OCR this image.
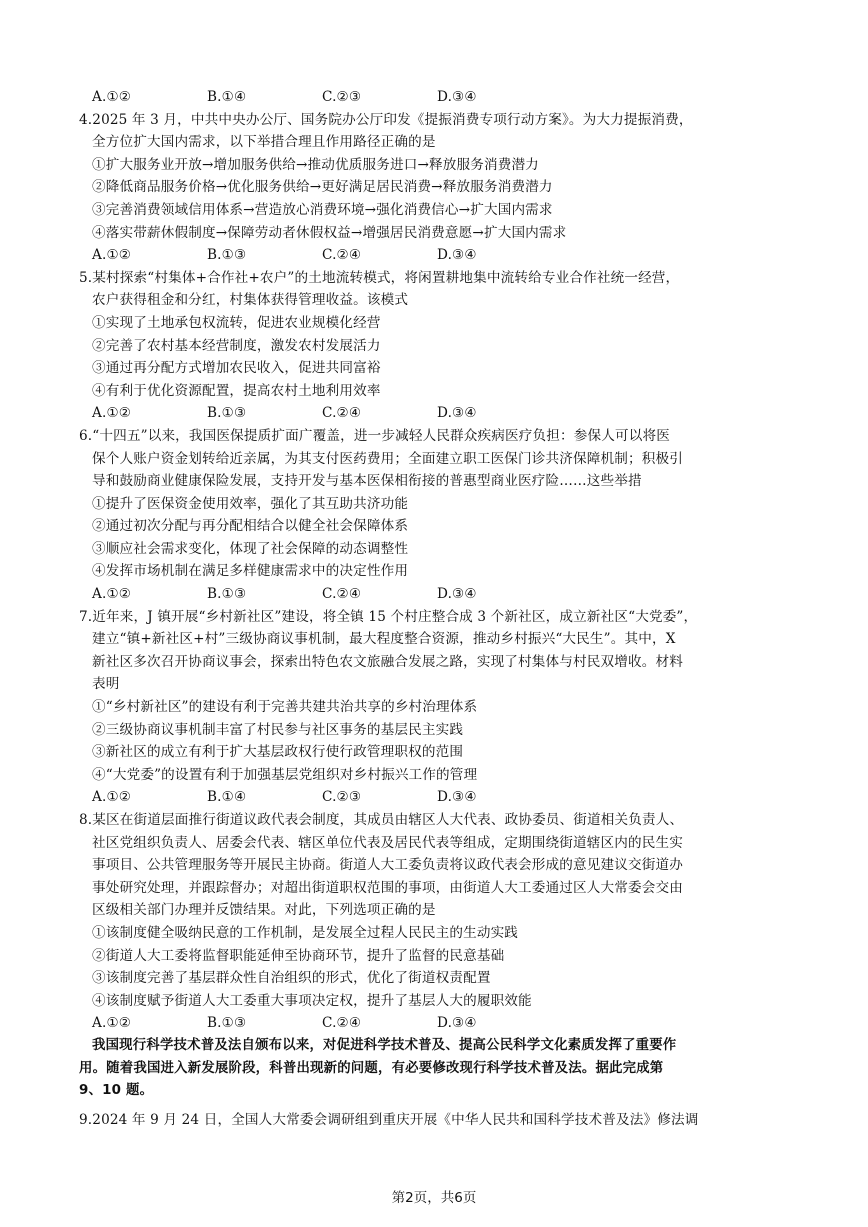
A.①②	B.①④	C.②③	D.③④
4.2025 年 3 月，中共中央办公厅、国务院办公厅印发《提振消费专项行动方案》。为大力提振消费，
全方位扩大国内需求，以下举措合理且作用路径正确的是
①扩大服务业开放→增加服务供给→推动优质服务进口→释放服务消费潜力
②降低商品服务价格→优化服务供给→更好满足居民消费→释放服务消费潜力
③完善消费领域信用体系→营造放心消费环境→强化消费信心→扩大国内需求
④落实带薪休假制度→保障劳动者休假权益→增强居民消费意愿→扩大国内需求
A.①②	B.①③	C.②④	D.③④
5.某村探索“村集体+合作社+农户”的土地流转模式，将闲置耕地集中流转给专业合作社统一经营，
农户获得租金和分红，村集体获得管理收益。该模式
①实现了土地承包权流转，促进农业规模化经营
②完善了农村基本经营制度，激发农村发展活力
③通过再分配方式增加农民收入，促进共同富裕
④有利于优化资源配置，提高农村土地利用效率
A.①②	B.①③	C.②④	D.③④
6.“十四五”以来，我国医保提质扩面广覆盖，进一步减轻人民群众疾病医疗负担：参保人可以将医
保个人账户资金划转给近亲属，为其支付医药费用；全面建立职工医保门诊共济保障机制；积极引
导和鼓励商业健康保险发展，支持开发与基本医保相衔接的普惠型商业医疗险……这些举措
①提升了医保资金使用效率，强化了其互助共济功能
②通过初次分配与再分配相结合以健全社会保障体系
③顺应社会需求变化，体现了社会保障的动态调整性
④发挥市场机制在满足多样健康需求中的决定性作用
A.①②	B.①③	C.②④	D.③④
7.近年来，J 镇开展“乡村新社区”建设，将全镇 15 个村庄整合成 3 个新社区，成立新社区“大党委”，
建立“镇+新社区+村”三级协商议事机制，最大程度整合资源，推动乡村振兴“大民生”。其中，X
新社区多次召开协商议事会，探索出特色农文旅融合发展之路，实现了村集体与村民双增收。材料
表明
①“乡村新社区”的建设有利于完善共建共治共享的乡村治理体系
②三级协商议事机制丰富了村民参与社区事务的基层民主实践
③新社区的成立有利于扩大基层政权行使行政管理职权的范围
④“大党委”的设置有利于加强基层党组织对乡村振兴工作的管理
A.①②	B.①④	C.②③	D.③④
8.某区在街道层面推行街道议政代表会制度，其成员由辖区人大代表、政协委员、街道相关负责人、
社区党组织负责人、居委会代表、辖区单位代表及居民代表等组成，定期围绕街道辖区内的民生实
事项目、公共管理服务等开展民主协商。街道人大工委负责将议政代表会形成的意见建议交街道办
事处研究处理，并跟踪督办；对超出街道职权范围的事项，由街道人大工委通过区人大常委会交由
区级相关部门办理并反馈结果。对此，下列选项正确的是
①该制度健全吸纳民意的工作机制，是发展全过程人民民主的生动实践
②街道人大工委将监督职能延伸至协商环节，提升了监督的民意基础
③该制度完善了基层群众性自治组织的形式，优化了街道权责配置
④该制度赋予街道人大工委重大事项决定权，提升了基层人大的履职效能
A.①②	B.①③	C.②④	D.③④
我国现行科学技术普及法自颁布以来，对促进科学技术普及、提高公民科学文化素质发挥了重要作
用。随着我国进入新发展阶段，科普出现新的问题，有必要修改现行科学技术普及法。据此完成第
9、10 题。
9.2024 年 9 月 24 日，全国人大常委会调研组到重庆开展《中华人民共和国科学技术普及法》修法调
第2页，共6页
